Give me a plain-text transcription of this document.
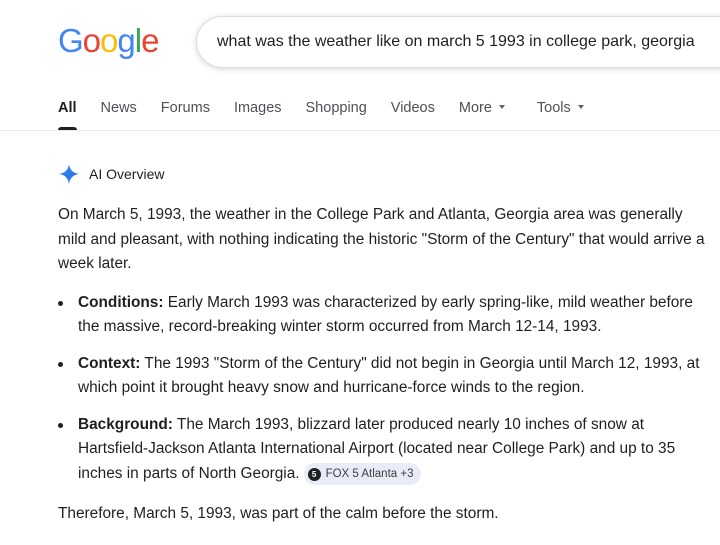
Google
what was the weather like on march 5 1993 in college park, georgia
All News Forums Images Shopping Videos More	Tools
AI Overview

On March 5, 1993, the weather in the College Park and Atlanta, Georgia area was generally mild and pleasant, with nothing indicating the historic "Storm of the Century" that would arrive a week later.

Conditions: Early March 1993 was characterized by early spring-like, mild weather before the massive, record-breaking winter storm occurred from March 12-14, 1993.
Context: The 1993 "Storm of the Century" did not begin in Georgia until March 12, 1993, at which point it brought heavy snow and hurricane-force winds to the region.
Background: The March 1993, blizzard later produced nearly 10 inches of snow at Hartsfield-Jackson Atlanta International Airport (located near College Park) and up to 35 inches in parts of North Georgia.	5 FOX 5 Atlanta +3

Therefore, March 5, 1993, was part of the calm before the storm.
